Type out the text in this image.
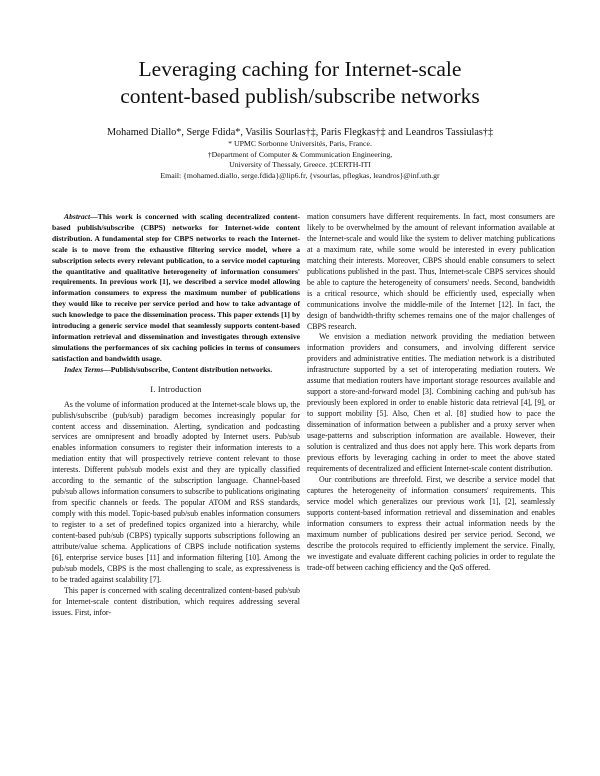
Leveraging caching for Internet-scale
content-based publish/subscribe networks
Mohamed Diallo*, Serge Fdida*, Vasilis Sourlas†‡, Paris Flegkas†‡ and Leandros Tassiulas†‡
* UPMC Sorbonne Universités, Paris, France.
†Department of Computer & Communication Engineering,
University of Thessaly, Greece. ‡CERTH-ITI
Email: {mohamed.diallo, serge.fdida}@lip6.fr, {vsourlas, pflegkas, leandros}@inf.uth.gr

Abstract—This work is concerned with scaling decentralized content-based publish/subscribe (CBPS) networks for Internet-wide content distribution. A fundamental step for CBPS networks to reach the Internet-scale is to move from the exhaustive filtering service model, where a subscription selects every relevant publication, to a service model capturing the quantitative and qualitative heterogeneity of information consumers' requirements. In previous work [1], we described a service model allowing information consumers to express the maximum number of publications they would like to receive per service period and how to take advantage of such knowledge to pace the dissemination process. This paper extends [1] by introducing a generic service model that seamlessly supports content-based information retrieval and dissemination and investigates through extensive simulations the performances of six caching policies in terms of consumers satisfaction and bandwidth usage.

Index Terms—Publish/subscribe, Content distribution networks.

I. Introduction

As the volume of information produced at the Internet-scale blows up, the publish/subscribe (pub/sub) paradigm becomes increasingly popular for content access and dissemination. Alerting, syndication and podcasting services are omnipresent and broadly adopted by Internet users. Pub/sub enables information consumers to register their information interests to a mediation entity that will prospectively retrieve content relevant to those interests. Different pub/sub models exist and they are typically classified according to the semantic of the subscription language. Channel-based pub/sub allows information consumers to subscribe to publications originating from specific channels or feeds. The popular ATOM and RSS standards, comply with this model. Topic-based pub/sub enables information consumers to register to a set of predefined topics organized into a hierarchy, while content-based pub/sub (CBPS) typically supports subscriptions following an attribute/value schema. Applications of CBPS include notification systems [6], enterprise service buses [11] and information filtering [10]. Among the pub/sub models, CBPS is the most challenging to scale, as expressiveness is to be traded against scalability [7].

This paper is concerned with scaling decentralized content-based pub/sub for Internet-scale content distribution, which requires addressing several issues. First, infor-

mation consumers have different requirements. In fact, most consumers are likely to be overwhelmed by the amount of relevant information available at the Internet-scale and would like the system to deliver matching publications at a maximum rate, while some would be interested in every publication matching their interests. Moreover, CBPS should enable consumers to select publications published in the past. Thus, Internet-scale CBPS services should be able to capture the heterogeneity of consumers' needs. Second, bandwidth is a critical resource, which should be efficiently used, especially when communications involve the middle-mile of the Internet [12]. In fact, the design of bandwidth-thrifty schemes remains one of the major challenges of CBPS research.

We envision a mediation network providing the mediation between information providers and consumers, and involving different service providers and administrative entities. The mediation network is a distributed infrastructure supported by a set of interoperating mediation routers. We assume that mediation routers have important storage resources available and support a store-and-forward model [3]. Combining caching and pub/sub has previously been explored in order to enable historic data retrieval [4], [9], or to support mobility [5]. Also, Chen et al. [8] studied how to pace the dissemination of information between a publisher and a proxy server when usage-patterns and subscription information are available. However, their solution is centralized and thus does not apply here. This work departs from previous efforts by leveraging caching in order to meet the above stated requirements of decentralized and efficient Internet-scale content distribution.

Our contributions are threefold. First, we describe a service model that captures the heterogeneity of information consumers' requirements. This service model which generalizes our previous work [1], [2], seamlessly supports content-based information retrieval and dissemination and enables information consumers to express their actual information needs by the maximum number of publications desired per service period. Second, we describe the protocols required to efficiently implement the service. Finally, we investigate and evaluate different caching policies in order to regulate the trade-off between caching efficiency and the QoS offered.
